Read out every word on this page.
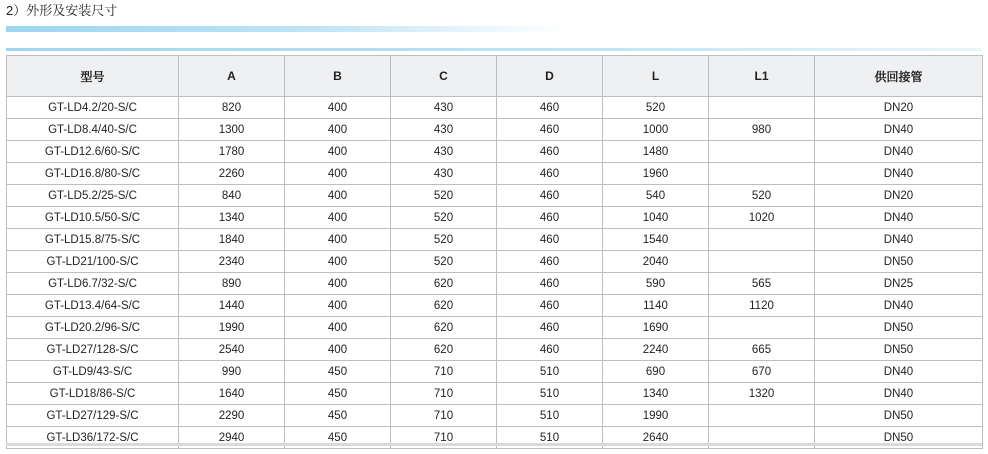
2）外形及安装尺寸
型号	A	B	C	D	L	L1	供回接管
GT-LD4.2/20-S/C	820	400	430	460	520		DN20
GT-LD8.4/40-S/C	1300	400	430	460	1000	980	DN40
GT-LD12.6/60-S/C	1780	400	430	460	1480		DN40
GT-LD16.8/80-S/C	2260	400	430	460	1960		DN40
GT-LD5.2/25-S/C	840	400	520	460	540	520	DN20
GT-LD10.5/50-S/C	1340	400	520	460	1040	1020	DN40
GT-LD15.8/75-S/C	1840	400	520	460	1540		DN40
GT-LD21/100-S/C	2340	400	520	460	2040		DN50
GT-LD6.7/32-S/C	890	400	620	460	590	565	DN25
GT-LD13.4/64-S/C	1440	400	620	460	1140	1120	DN40
GT-LD20.2/96-S/C	1990	400	620	460	1690		DN50
GT-LD27/128-S/C	2540	400	620	460	2240	665	DN50
GT-LD9/43-S/C	990	450	710	510	690	670	DN40
GT-LD18/86-S/C	1640	450	710	510	1340	1320	DN40
GT-LD27/129-S/C	2290	450	710	510	1990		DN50
GT-LD36/172-S/C	2940	450	710	510	2640		DN50
